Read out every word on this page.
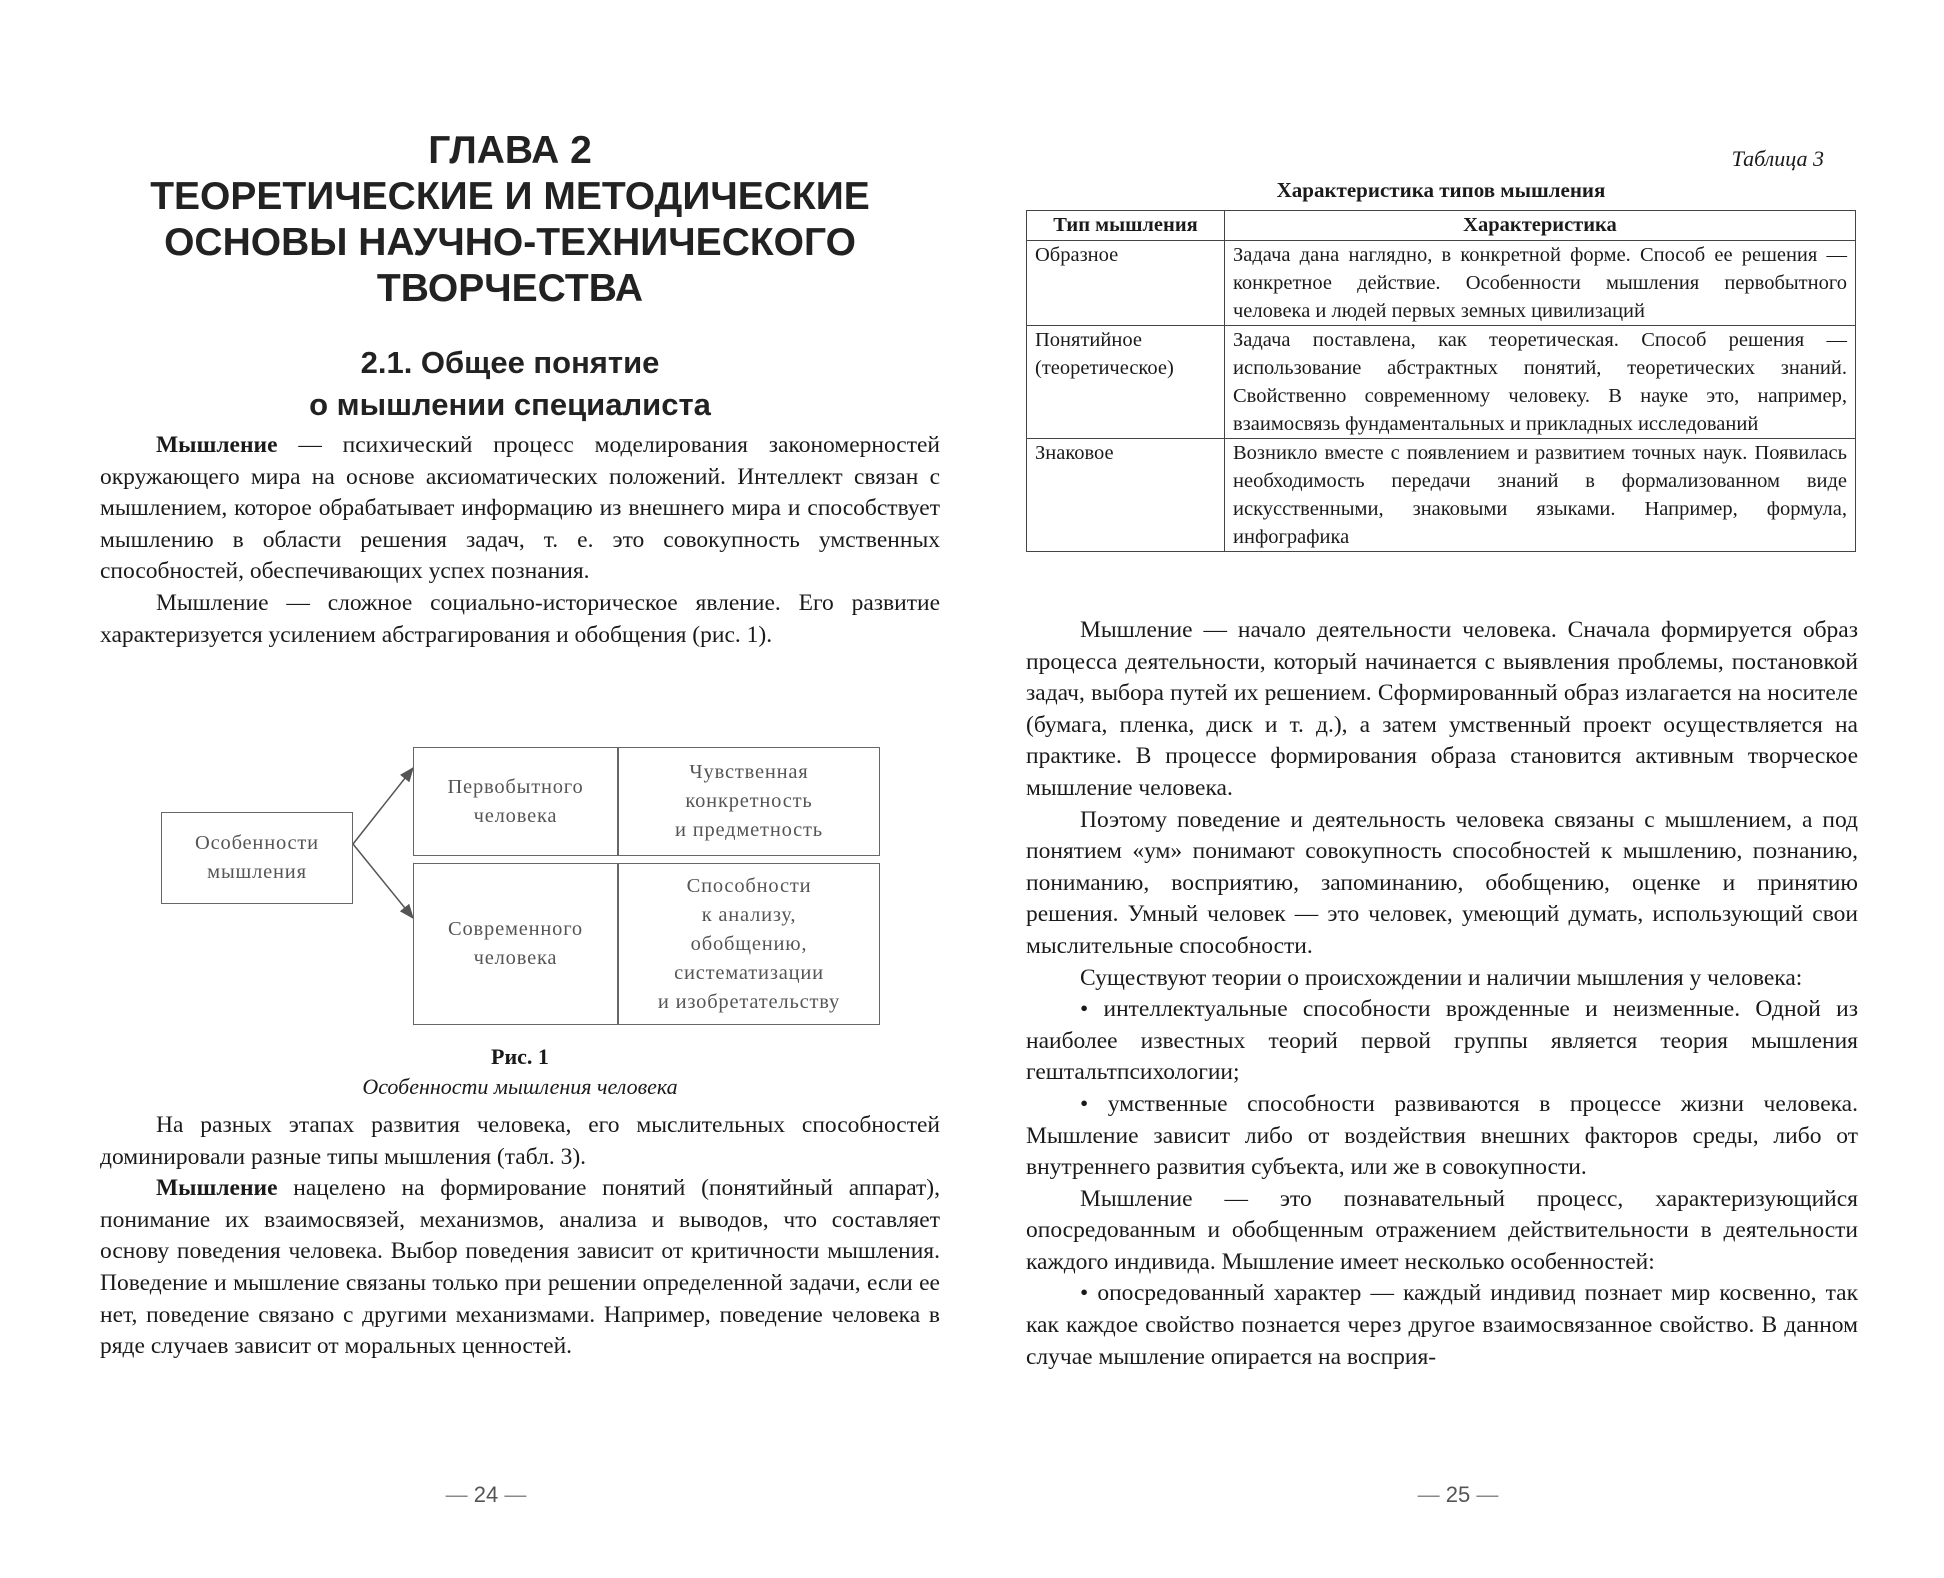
ГЛАВА 2
ТЕОРЕТИЧЕСКИЕ И МЕТОДИЧЕСКИЕ
ОСНОВЫ НАУЧНО-ТЕХНИЧЕСКОГО
ТВОРЧЕСТВА
2.1. Общее понятие
о мышлении специалиста

Мышление — психический процесс моделирования закономерностей окружающего мира на основе аксиоматических положений. Интеллект связан с мышлением, которое обрабатывает информацию из внешнего мира и способствует мышлению в области решения задач, т. е. это совокупность умственных способностей, обеспечивающих успех познания.

Мышление — сложное социально-историческое явление. Его развитие характеризуется усилением абстрагирования и обобщения (рис. 1).

Особенности
мышления
Первобытного
человека
Чувственная
конкретность
и предметность
Современного
человека
Способности
к анализу,
обобщению,
систематизации
и изобретательству
Рис. 1
Особенности мышления человека

На разных этапах развития человека, его мыслительных способностей доминировали разные типы мышления (табл. 3).

Мышление нацелено на формирование понятий (понятийный аппарат), понимание их взаимосвязей, механизмов, анализа и выводов, что составляет основу поведения человека. Выбор поведения зависит от критичности мышления. Поведение и мышление связаны только при решении определенной задачи, если ее нет, поведение связано с другими механизмами. Например, поведение человека в ряде случаев зависит от моральных ценностей.

— 24 —
Таблица 3
Характеристика типов мышления
Тип мышления	Характеристика
Образное	Задача дана наглядно, в конкретной форме. Способ ее решения — конкретное действие. Особенности мышления первобытного человека и людей первых земных цивилизаций
Понятийное (теоретическое)	Задача поставлена, как теоретическая. Способ решения — использование абстрактных понятий, теоретических знаний. Свойственно современному человеку. В науке это, например, взаимосвязь фундаментальных и прикладных исследований
Знаковое	Возникло вместе с появлением и развитием точных наук. Появилась необходимость передачи знаний в формализованном виде искусственными, знаковыми языками. Например, формула, инфографика

Мышление — начало деятельности человека. Сначала формируется образ процесса деятельности, который начинается с выявления проблемы, постановкой задач, выбора путей их решением. Сформированный образ излагается на носителе (бумага, пленка, диск и т. д.), а затем умственный проект осуществляется на практике. В процессе формирования образа становится активным творческое мышление человека.

Поэтому поведение и деятельность человека связаны с мышлением, а под понятием «ум» понимают совокупность способностей к мышлению, познанию, пониманию, восприятию, запоминанию, обобщению, оценке и принятию решения. Умный человек — это человек, умеющий думать, использующий свои мыслительные способности.

Существуют теории о происхождении и наличии мышления у человека:

• интеллектуальные способности врожденные и неизменные. Одной из наиболее известных теорий первой группы является теория мышления гештальтпсихологии;

• умственные способности развиваются в процессе жизни человека. Мышление зависит либо от воздействия внешних факторов среды, либо от внутреннего развития субъекта, или же в совокупности.

Мышление — это познавательный процесс, характеризующийся опосредованным и обобщенным отражением действительности в деятельности каждого индивида. Мышление имеет несколько особенностей:

• опосредованный характер — каждый индивид познает мир косвенно, так как каждое свойство познается через другое взаимосвязанное свойство. В данном случае мышление опирается на восприя-

— 25 —
